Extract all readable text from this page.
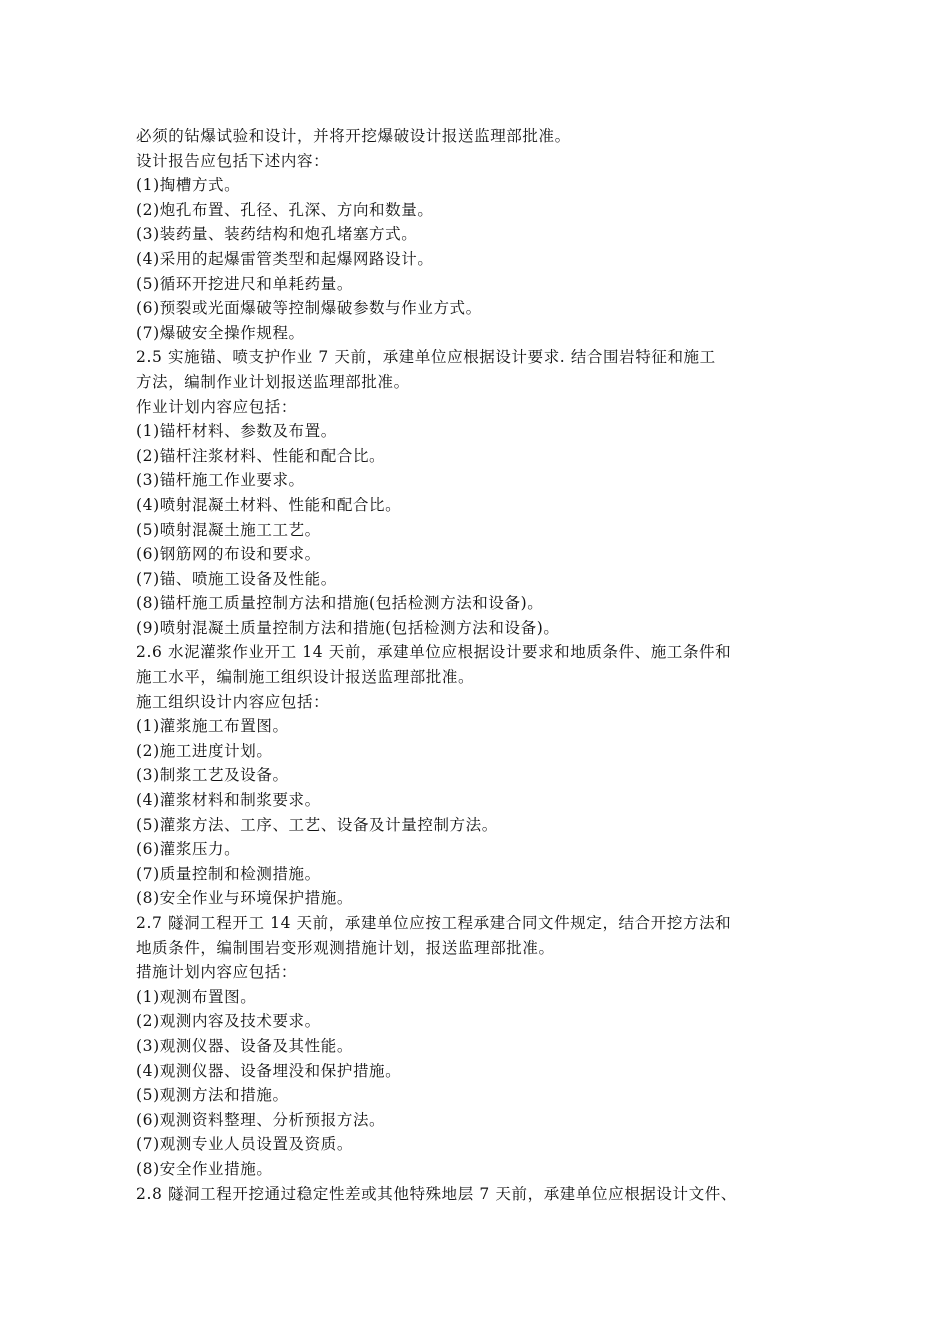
必须的钻爆试验和设计，并将开挖爆破设计报送监理部批准。
设计报告应包括下述内容：
(1)掏槽方式。
(2)炮孔布置、孔径、孔深、方向和数量。
(3)装药量、装药结构和炮孔堵塞方式。
(4)采用的起爆雷管类型和起爆网路设计。
(5)循环开挖进尺和单耗药量。
(6)预裂或光面爆破等控制爆破参数与作业方式。
(7)爆破安全操作规程。
2.5 实施锚、喷支护作业 7 天前，承建单位应根据设计要求. 结合围岩特征和施工
方法，编制作业计划报送监理部批准。
作业计划内容应包括：
(1)锚杆材料、参数及布置。
(2)锚杆注浆材料、性能和配合比。
(3)锚杆施工作业要求。
(4)喷射混凝土材料、性能和配合比。
(5)喷射混凝土施工工艺。
(6)钢筋网的布设和要求。
(7)锚、喷施工设备及性能。
(8)锚杆施工质量控制方法和措施(包括检测方法和设备)。
(9)喷射混凝土质量控制方法和措施(包括检测方法和设备)。
2.6 水泥灌浆作业开工 14 天前，承建单位应根据设计要求和地质条件、施工条件和
施工水平，编制施工组织设计报送监理部批准。
施工组织设计内容应包括：
(1)灌浆施工布置图。
(2)施工进度计划。
(3)制浆工艺及设备。
(4)灌浆材料和制浆要求。
(5)灌浆方法、工序、工艺、设备及计量控制方法。
(6)灌浆压力。
(7)质量控制和检测措施。
(8)安全作业与环境保护措施。
2.7 隧洞工程开工 14 天前，承建单位应按工程承建合同文件规定，结合开挖方法和
地质条件，编制围岩变形观测措施计划，报送监理部批准。
措施计划内容应包括：
(1)观测布置图。
(2)观测内容及技术要求。
(3)观测仪器、设备及其性能。
(4)观测仪器、设备埋没和保护措施。
(5)观测方法和措施。
(6)观测资料整理、分析预报方法。
(7)观测专业人员设置及资质。
(8)安全作业措施。
2.8 隧洞工程开挖通过稳定性差或其他特殊地层 7 天前，承建单位应根据设计文件、
